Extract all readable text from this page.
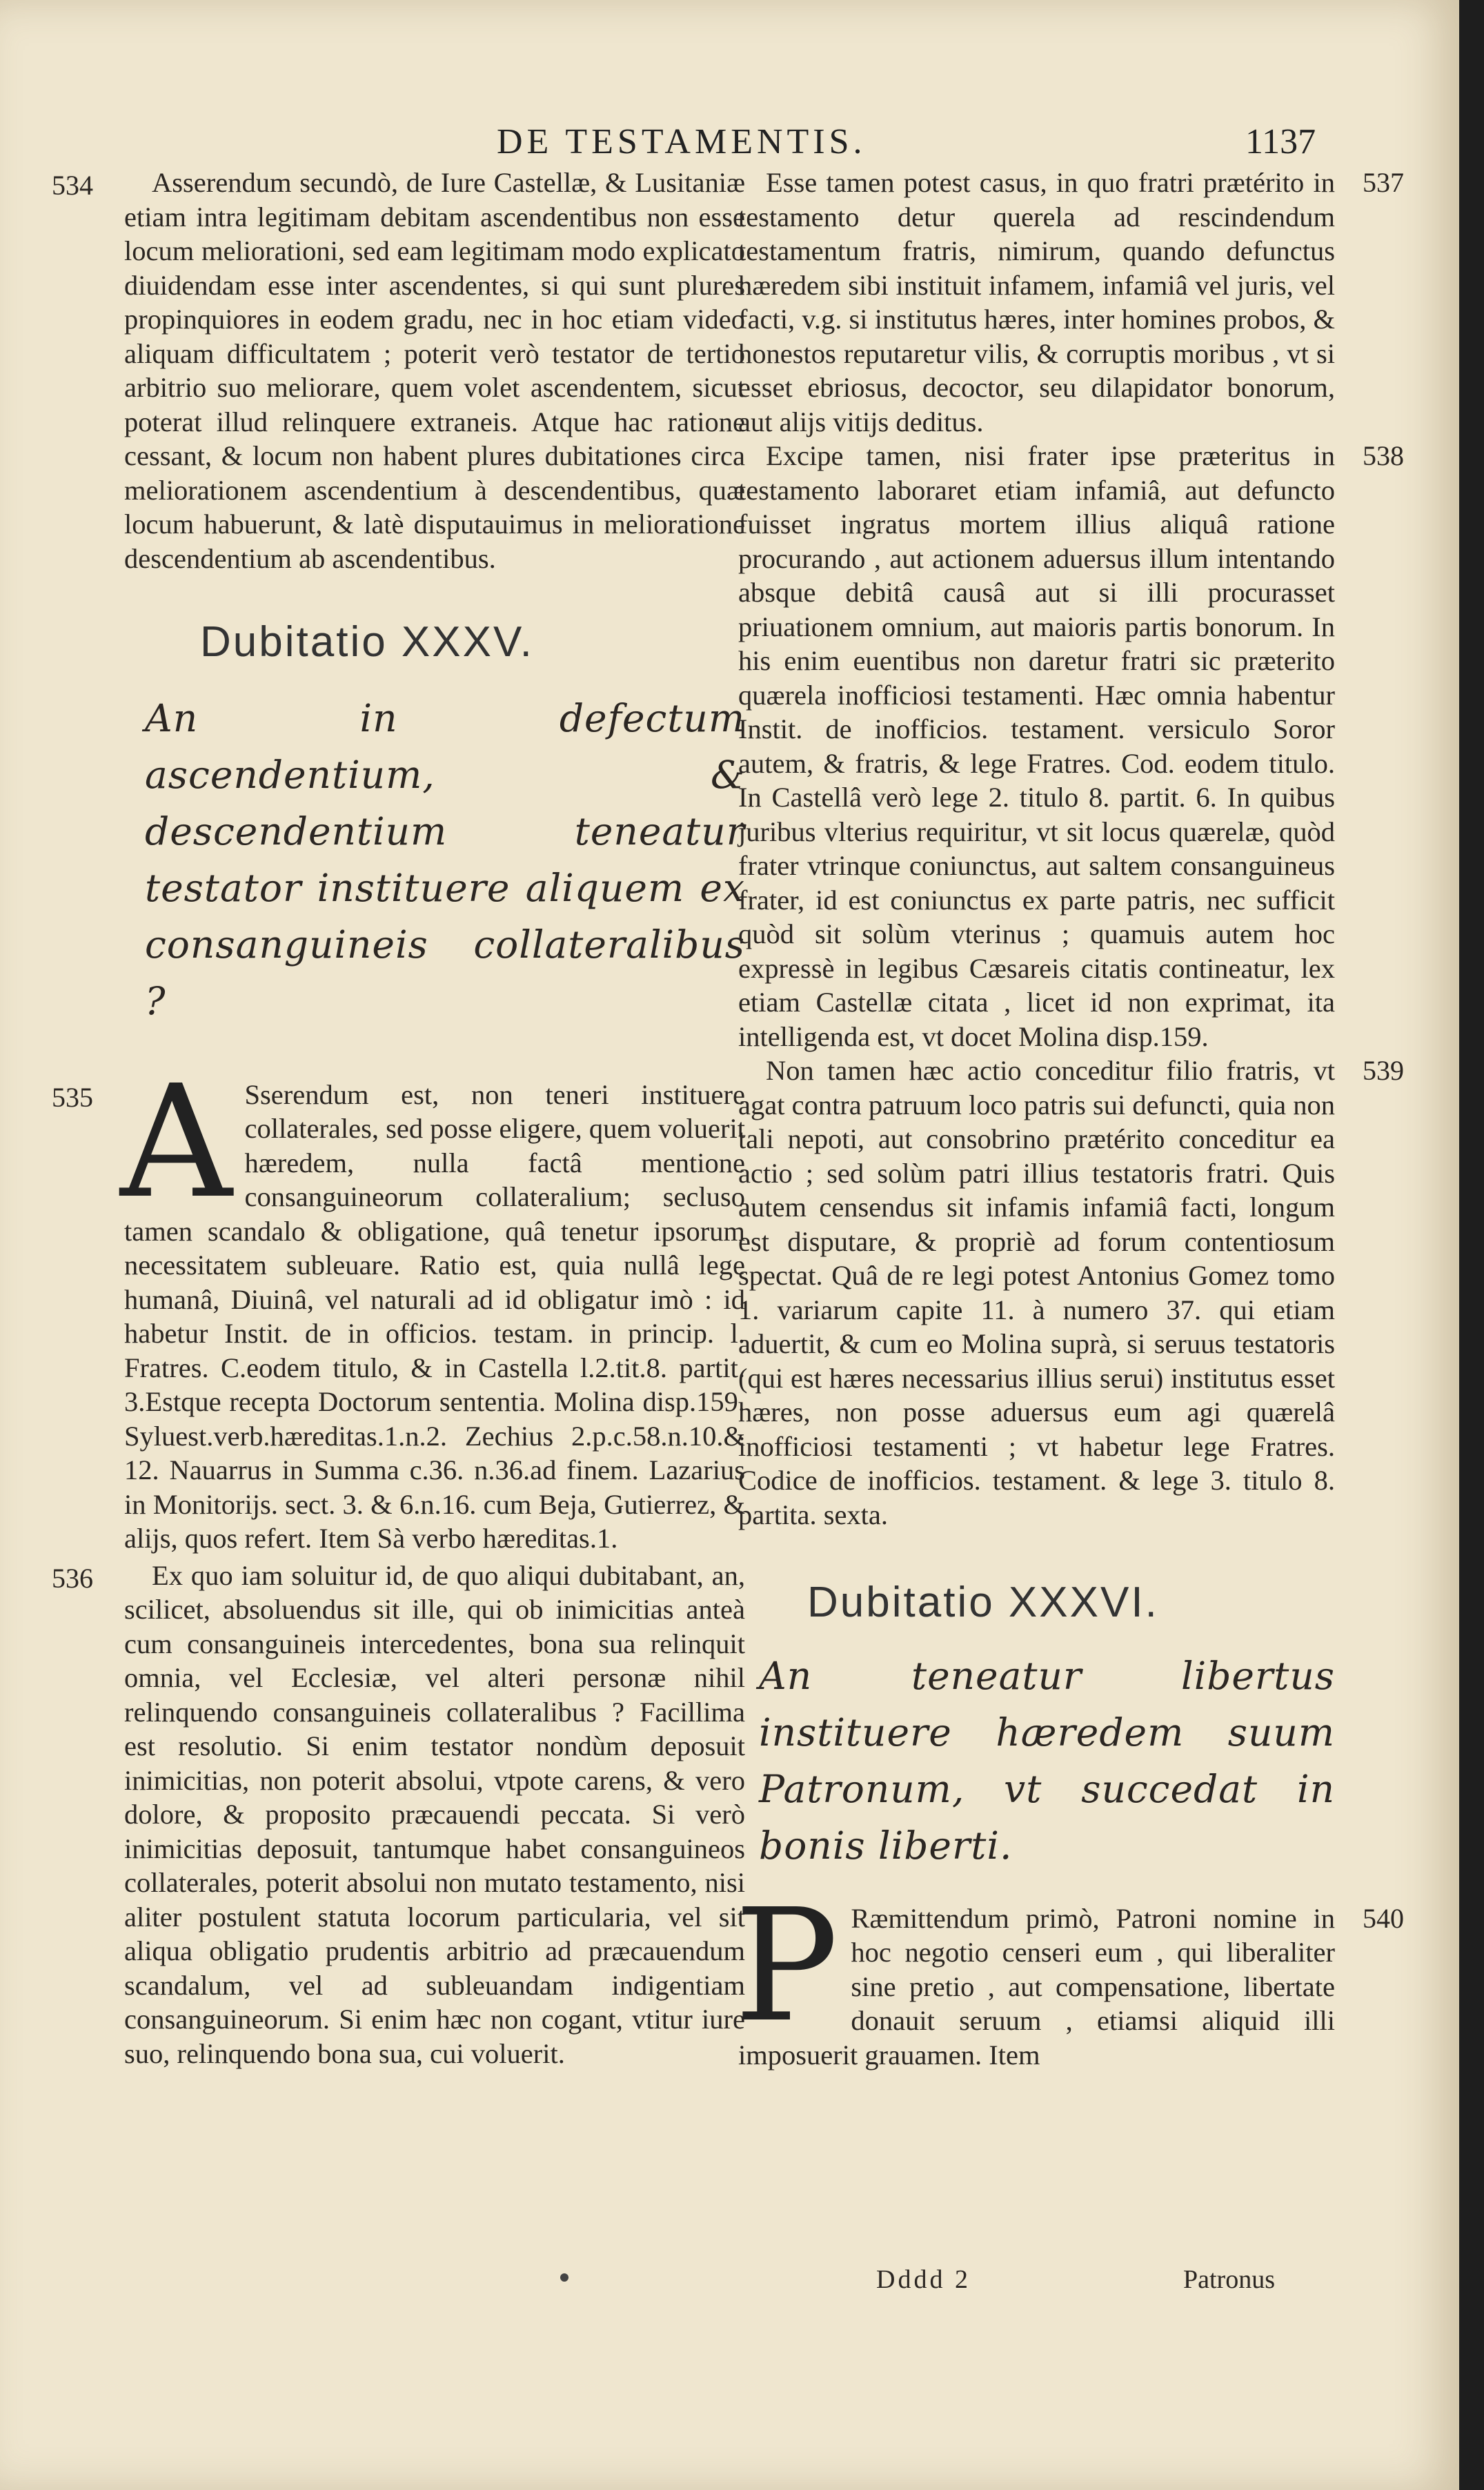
DE TESTAMENTIS.	1137
534	Asserendum secundò, de Iure Castellæ, & Lusitaniæ etiam intra legitimam debitam ascendentibus non esse locum meliorationi, sed eam legitimam modo explicato diuidendam esse inter ascendentes, si qui sunt plures propinquiores in eodem gradu, nec in hoc etiam video aliquam difficultatem ; poterit verò testator de tertio arbitrio suo meliorare, quem volet ascendentem, sicut poterat illud relinquere extraneis. Atque hac ratione cessant, & locum non habent plures dubitationes circa meliorationem ascendentium à descendentibus, quæ locum habuerunt, & latè disputauimus in melioratione descendentium ab ascendentibus.

Dubitatio XXXV.
An in defectum ascendentium, & descendentium teneatur testator instituere aliquem ex consanguineis collateralibus ?
535 A Sserendum est, non teneri instituere collaterales, sed posse eligere, quem voluerit hæredem, nulla factâ mentione consanguineorum collateralium; secluso tamen scandalo & obligatione, quâ tenetur ipsorum necessitatem subleuare. Ratio est, quia nullâ lege humanâ, Diuinâ, vel naturali ad id obligatur imò : id habetur Instit. de in officios. testam. in princip. l. Fratres. C.eodem titulo, & in Castella l.2.tit.8. partit. 3.Estque recepta Doctorum sententia. Molina disp.159. Syluest.verb.hæreditas.1.n.2. Zechius 2.p.c.58.n.10.& 12. Nauarrus in Summa c.36. n.36.ad finem. Lazarius in Monitorijs. sect. 3. & 6.n.16. cum Beja, Gutierrez, & alijs, quos refert. Item Sà verbo hæreditas.1.

536	Ex quo iam soluitur id, de quo aliqui dubitabant, an, scilicet, absoluendus sit ille, qui ob inimicitias anteà cum consanguineis intercedentes, bona sua relinquit omnia, vel Ecclesiæ, vel alteri personæ nihil relinquendo consanguineis collateralibus ? Facillima est resolutio. Si enim testator nondùm deposuit inimicitias, non poterit absolui, vtpote carens, & vero dolore, & proposito præcauendi peccata. Si verò inimicitias deposuit, tantumque habet consanguineos collaterales, poterit absolui non mutato testamento, nisi aliter postulent statuta locorum particularia, vel sit aliqua obligatio prudentis arbitrio ad præcauendum scandalum, vel ad subleuandam indigentiam consanguineorum. Si enim hæc non cogant, vtitur iure suo, relinquendo bona sua, cui voluerit.

537

Esse tamen potest casus, in quo fratri prætérito in testamento detur querela ad rescindendum testamentum fratris, nimirum, quando defunctus hæredem sibi instituit infamem, infamiâ vel juris, vel facti, v.g. si institutus hæres, inter homines probos, & honestos reputaretur vilis, & corruptis moribus , vt si esset ebriosus, decoctor, seu dilapidator bonorum, aut alijs vitijs deditus.

538

Excipe tamen, nisi frater ipse præteritus in testamento laboraret etiam infamiâ, aut defuncto fuisset ingratus mortem illius aliquâ ratione procurando , aut actionem aduersus illum intentando absque debitâ causâ aut si illi procurasset priuationem omnium, aut maioris partis bonorum. In his enim euentibus non daretur fratri sic præterito quærela inofficiosi testamenti. Hæc omnia habentur Instit. de inofficios. testament. versiculo Soror autem, & fratris, & lege Fratres. Cod. eodem titulo. In Castellâ verò lege 2. titulo 8. partit. 6. In quibus juribus vlterius requiritur, vt sit locus quærelæ, quòd frater vtrinque coniunctus, aut saltem consanguineus frater, id est coniunctus ex parte patris, nec sufficit quòd sit solùm vterinus ; quamuis autem hoc expressè in legibus Cæsareis citatis contineatur, lex etiam Castellæ citata , licet id non exprimat, ita intelligenda est, vt docet Molina disp.159.

539

Non tamen hæc actio conceditur filio fratris, vt agat contra patruum loco patris sui defuncti, quia non tali nepoti, aut consobrino prætérito conceditur ea actio ; sed solùm patri illius testatoris fratri. Quis autem censendus sit infamis infamiâ facti, longum est disputare, & propriè ad forum contentiosum spectat. Quâ de re legi potest Antonius Gomez tomo 1. variarum capite 11. à numero 37. qui etiam aduertit, & cum eo Molina suprà, si seruus testatoris (qui est hæres necessarius illius serui) institutus esset hæres, non posse aduersus eum agi quærelâ inofficiosi testamenti ; vt habetur lege Fratres. Codice de inofficios. testament. & lege 3. titulo 8. partita. sexta.

Dubitatio XXXVI.
An teneatur libertus instituere hæredem suum Patronum, vt succedat in bonis liberti.
540
P Ræmittendum primò, Patroni nomine in hoc negotio censeri eum , qui liberaliter sine pretio , aut compensatione, libertate donauit seruum , etiamsi aliquid illi imposuerit grauamen. Item

Dddd 2	Patronus
